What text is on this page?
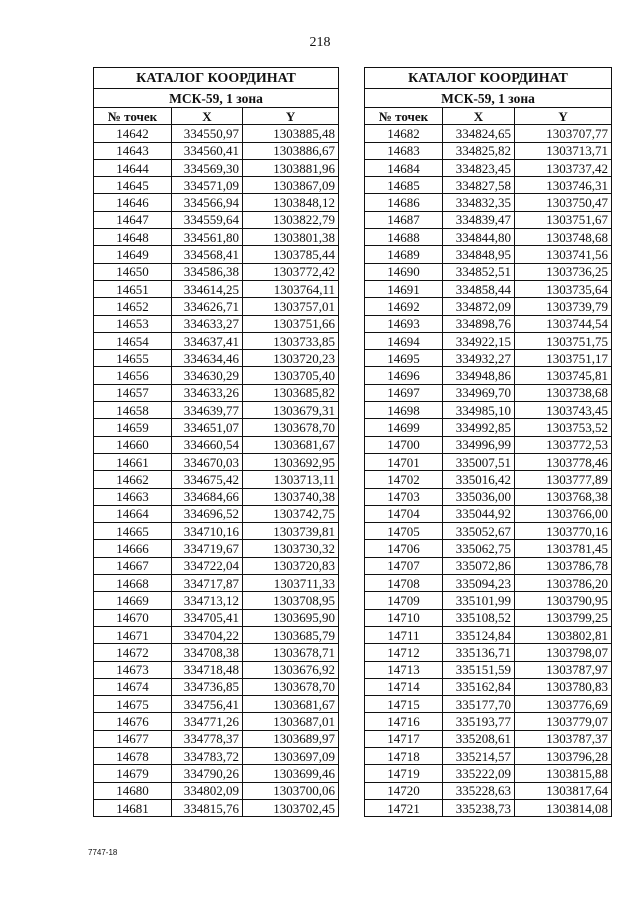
218
КАТАЛОГ КООРДИНАТ		
МСК-59, 1 зона		
№ точек	X	Y
14642	334550,97	1303885,48
14643	334560,41	1303886,67
14644	334569,30	1303881,96
14645	334571,09	1303867,09
14646	334566,94	1303848,12
14647	334559,64	1303822,79
14648	334561,80	1303801,38
14649	334568,41	1303785,44
14650	334586,38	1303772,42
14651	334614,25	1303764,11
14652	334626,71	1303757,01
14653	334633,27	1303751,66
14654	334637,41	1303733,85
14655	334634,46	1303720,23
14656	334630,29	1303705,40
14657	334633,26	1303685,82
14658	334639,77	1303679,31
14659	334651,07	1303678,70
14660	334660,54	1303681,67
14661	334670,03	1303692,95
14662	334675,42	1303713,11
14663	334684,66	1303740,38
14664	334696,52	1303742,75
14665	334710,16	1303739,81
14666	334719,67	1303730,32
14667	334722,04	1303720,83
14668	334717,87	1303711,33
14669	334713,12	1303708,95
14670	334705,41	1303695,90
14671	334704,22	1303685,79
14672	334708,38	1303678,71
14673	334718,48	1303676,92
14674	334736,85	1303678,70
14675	334756,41	1303681,67
14676	334771,26	1303687,01
14677	334778,37	1303689,97
14678	334783,72	1303697,09
14679	334790,26	1303699,46
14680	334802,09	1303700,06
14681	334815,76	1303702,45
КАТАЛОГ КООРДИНАТ		
МСК-59, 1 зона		
№ точек	X	Y
14682	334824,65	1303707,77
14683	334825,82	1303713,71
14684	334823,45	1303737,42
14685	334827,58	1303746,31
14686	334832,35	1303750,47
14687	334839,47	1303751,67
14688	334844,80	1303748,68
14689	334848,95	1303741,56
14690	334852,51	1303736,25
14691	334858,44	1303735,64
14692	334872,09	1303739,79
14693	334898,76	1303744,54
14694	334922,15	1303751,75
14695	334932,27	1303751,17
14696	334948,86	1303745,81
14697	334969,70	1303738,68
14698	334985,10	1303743,45
14699	334992,85	1303753,52
14700	334996,99	1303772,53
14701	335007,51	1303778,46
14702	335016,42	1303777,89
14703	335036,00	1303768,38
14704	335044,92	1303766,00
14705	335052,67	1303770,16
14706	335062,75	1303781,45
14707	335072,86	1303786,78
14708	335094,23	1303786,20
14709	335101,99	1303790,95
14710	335108,52	1303799,25
14711	335124,84	1303802,81
14712	335136,71	1303798,07
14713	335151,59	1303787,97
14714	335162,84	1303780,83
14715	335177,70	1303776,69
14716	335193,77	1303779,07
14717	335208,61	1303787,37
14718	335214,57	1303796,28
14719	335222,09	1303815,88
14720	335228,63	1303817,64
14721	335238,73	1303814,08
7747-18
